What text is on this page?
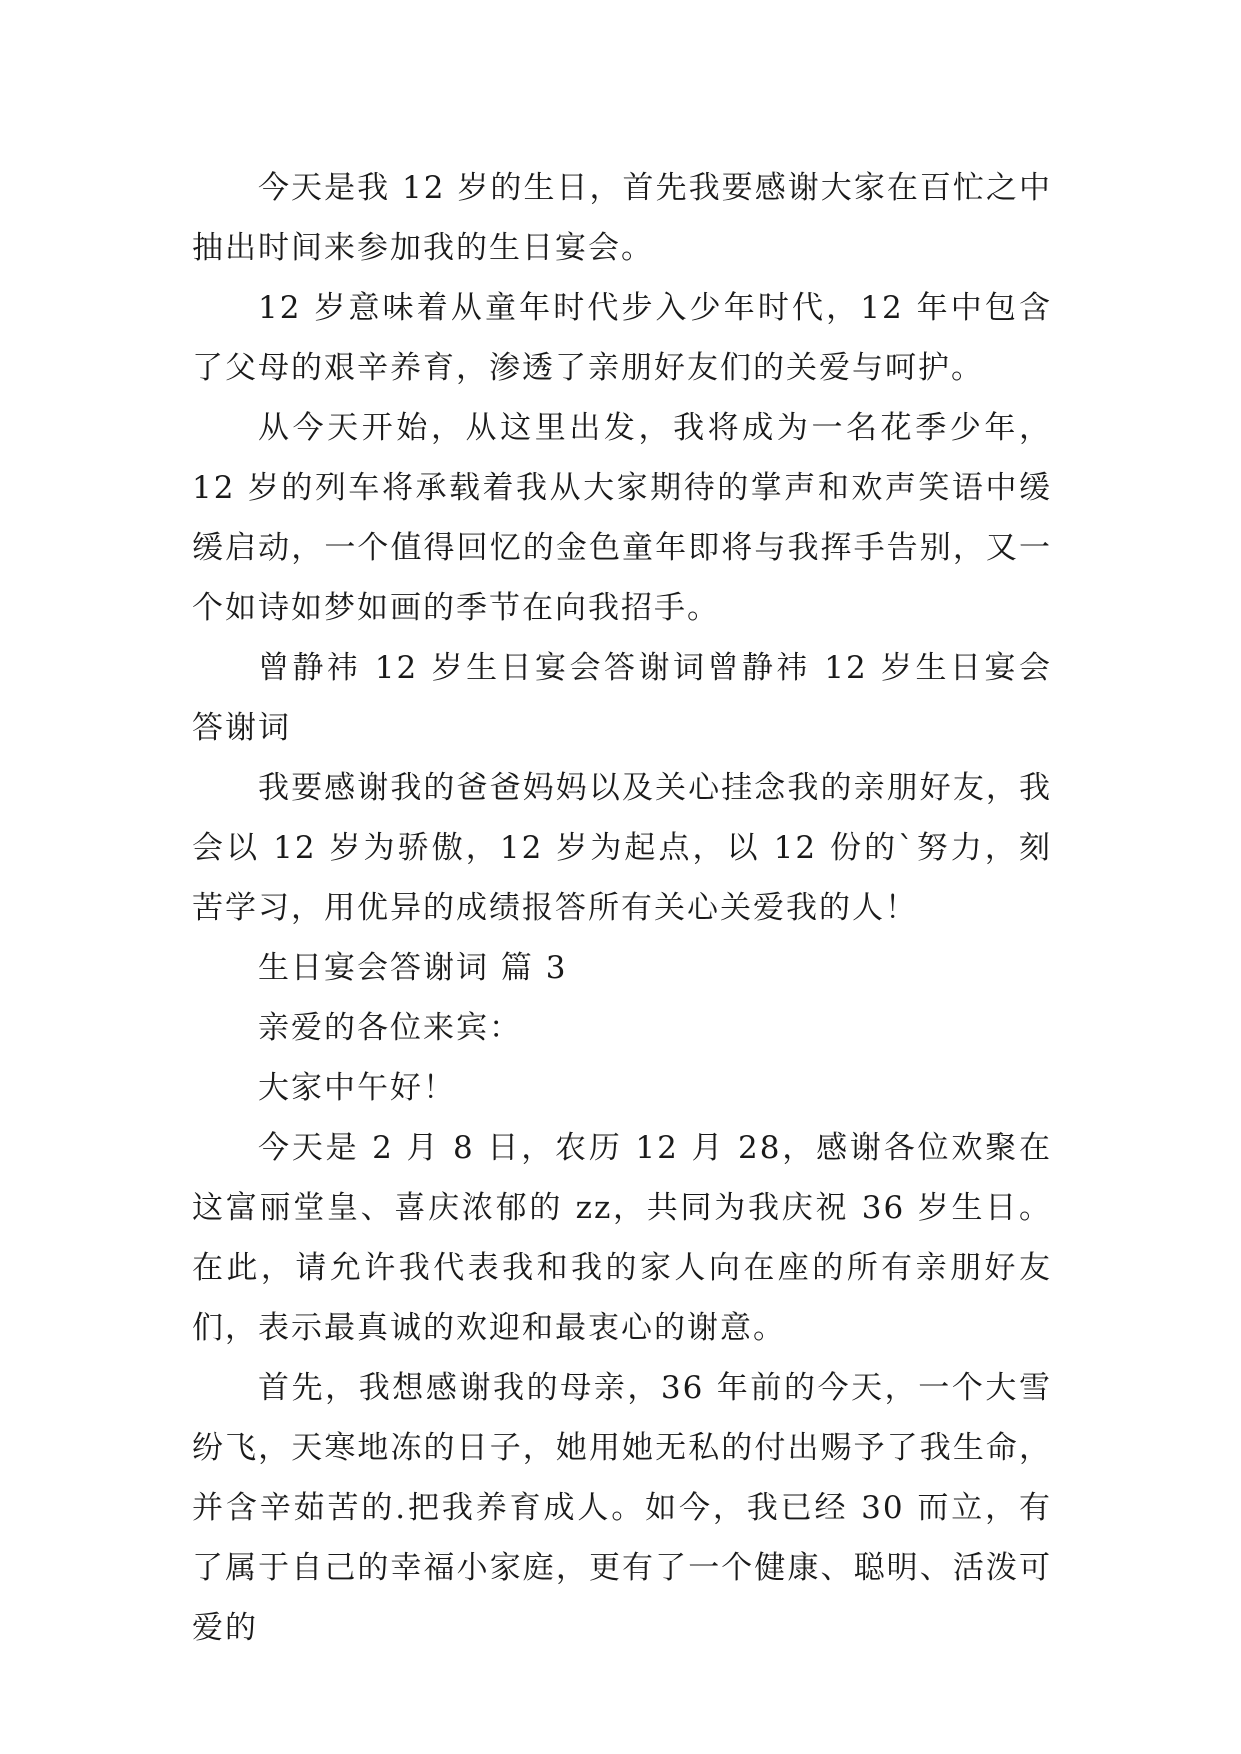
今天是我 12 岁的生日，首先我要感谢大家在百忙之中抽出时间来参加我的生日宴会。

12 岁意味着从童年时代步入少年时代，12 年中包含了父母的艰辛养育，渗透了亲朋好友们的关爱与呵护。

从今天开始，从这里出发，我将成为一名花季少年，12 岁的列车将承载着我从大家期待的掌声和欢声笑语中缓缓启动，一个值得回忆的金色童年即将与我挥手告别，又一个如诗如梦如画的季节在向我招手。

曾静祎 12 岁生日宴会答谢词曾静祎 12 岁生日宴会答谢词

我要感谢我的爸爸妈妈以及关心挂念我的亲朋好友，我会以 12 岁为骄傲，12 岁为起点，以 12 份的`努力，刻苦学习，用优异的成绩报答所有关心关爱我的人！

生日宴会答谢词 篇 3

亲爱的各位来宾：

大家中午好！

今天是 2 月 8 日，农历 12 月 28，感谢各位欢聚在这富丽堂皇、喜庆浓郁的 zz，共同为我庆祝 36 岁生日。在此，请允许我代表我和我的家人向在座的所有亲朋好友们，表示最真诚的欢迎和最衷心的谢意。

首先，我想感谢我的母亲，36 年前的今天，一个大雪纷飞，天寒地冻的日子，她用她无私的付出赐予了我生命，并含辛茹苦的.把我养育成人。如今，我已经 30 而立，有了属于自己的幸福小家庭，更有了一个健康、聪明、活泼可爱的
